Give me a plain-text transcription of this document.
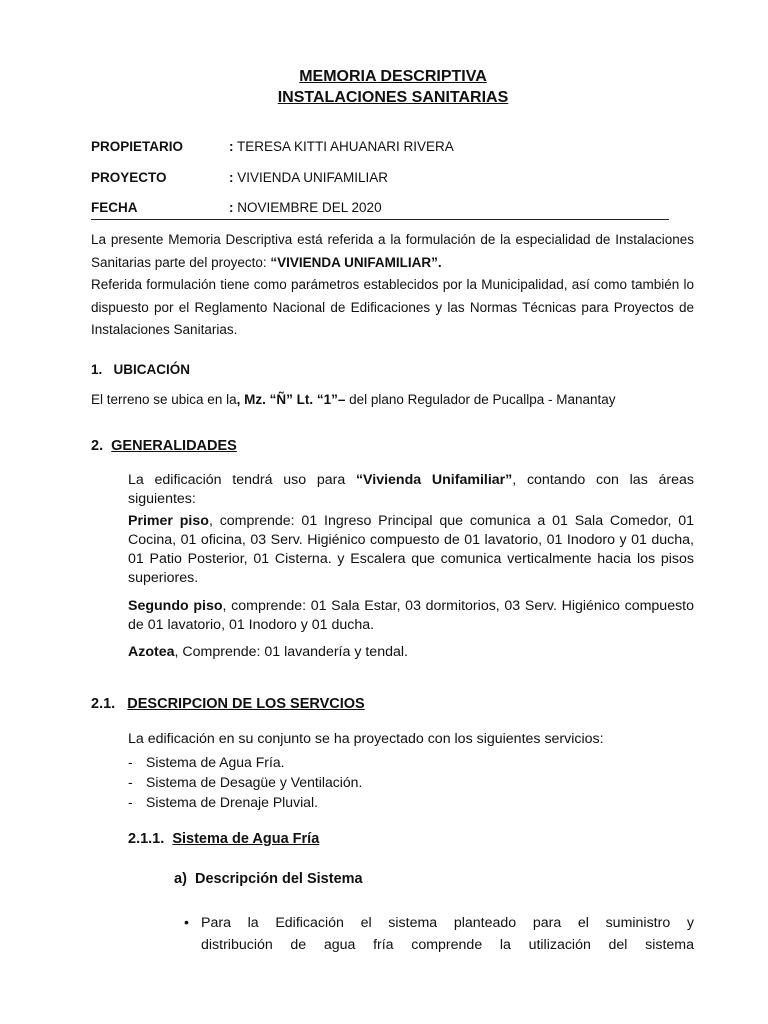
MEMORIA DESCRIPTIVA
INSTALACIONES SANITARIAS
PROPIETARIO	: TERESA KITTI AHUANARI RIVERA
PROYECTO	: VIVIENDA UNIFAMILIAR
FECHA	: NOVIEMBRE DEL 2020
La presente Memoria Descriptiva está referida a la formulación de la especialidad de Instalaciones Sanitarias parte del proyecto: “VIVIENDA UNIFAMILIAR”.
Referida formulación tiene como parámetros establecidos por la Municipalidad, así como también lo dispuesto por el Reglamento Nacional de Edificaciones y las Normas Técnicas para Proyectos de Instalaciones Sanitarias.
1. UBICACIÓN
El terreno se ubica en la, Mz. “Ñ” Lt. “1”– del plano Regulador de Pucallpa - Manantay
2. GENERALIDADES
La edificación tendrá uso para “Vivienda Unifamiliar”, contando con las áreas siguientes:
Primer piso, comprende: 01 Ingreso Principal que comunica a 01 Sala Comedor, 01 Cocina, 01 oficina, 03 Serv. Higiénico compuesto de 01 lavatorio, 01 Inodoro y 01 ducha, 01 Patio Posterior, 01 Cisterna. y Escalera que comunica verticalmente hacia los pisos superiores.
Segundo piso, comprende: 01 Sala Estar, 03 dormitorios, 03 Serv. Higiénico compuesto de 01 lavatorio, 01 Inodoro y 01 ducha.
Azotea, Comprende: 01 lavandería y tendal.
2.1. DESCRIPCION DE LOS SERVCIOS
La edificación en su conjunto se ha proyectado con los siguientes servicios:
- Sistema de Agua Fría.
- Sistema de Desagüe y Ventilación.
- Sistema de Drenaje Pluvial.
2.1.1. Sistema de Agua Fría
a) Descripción del Sistema
• Para la Edificación el sistema planteado para el suministro y
distribución de agua fría comprende la utilización del sistema
